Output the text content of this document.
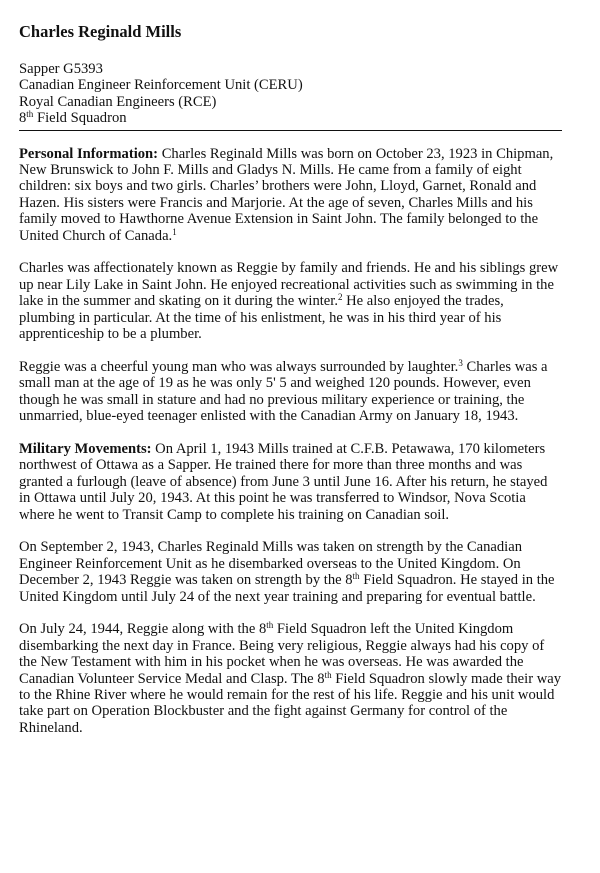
Charles Reginald Mills
Sapper G5393
Canadian Engineer Reinforcement Unit (CERU)
Royal Canadian Engineers (RCE)
8th Field Squadron

Personal Information: Charles Reginald Mills was born on October 23, 1923 in Chipman, New Brunswick to John F. Mills and Gladys N. Mills. He came from a family of eight children: six boys and two girls. Charles’ brothers were John, Lloyd, Garnet, Ronald and Hazen. His sisters were Francis and Marjorie. At the age of seven, Charles Mills and his family moved to Hawthorne Avenue Extension in Saint John. The family belonged to the United Church of Canada.$^1$

Charles was affectionately known as Reggie by family and friends. He and his siblings grew up near Lily Lake in Saint John. He enjoyed recreational activities such as swimming in the lake in the summer and skating on it during the winter.$^2$ He also enjoyed the trades, plumbing in particular. At the time of his enlistment, he was in his third year of his apprenticeship to be a plumber.

Reggie was a cheerful young man who was always surrounded by laughter.$^3$ Charles was a small man at the age of 19 as he was only 5' 5 and weighed 120 pounds. However, even though he was small in stature and had no previous military experience or training, the unmarried, blue-eyed teenager enlisted with the Canadian Army on January 18, 1943.

Military Movements: On April 1, 1943 Mills trained at C.F.B. Petawawa, 170 kilometers northwest of Ottawa as a Sapper. He trained there for more than three months and was granted a furlough (leave of absence) from June 3 until June 16. After his return, he stayed in Ottawa until July 20, 1943. At this point he was transferred to Windsor, Nova Scotia where he went to Transit Camp to complete his training on Canadian soil.

On September 2, 1943, Charles Reginald Mills was taken on strength by the Canadian Engineer Reinforcement Unit as he disembarked overseas to the United Kingdom. On December 2, 1943 Reggie was taken on strength by the 8th Field Squadron. He stayed in the United Kingdom until July 24 of the next year training and preparing for eventual battle.

On July 24, 1944, Reggie along with the 8th Field Squadron left the United Kingdom disembarking the next day in France. Being very religious, Reggie always had his copy of the New Testament with him in his pocket when he was overseas. He was awarded the Canadian Volunteer Service Medal and Clasp. The 8th Field Squadron slowly made their way to the Rhine River where he would remain for the rest of his life. Reggie and his unit would take part on Operation Blockbuster and the fight against Germany for control of the Rhineland.
